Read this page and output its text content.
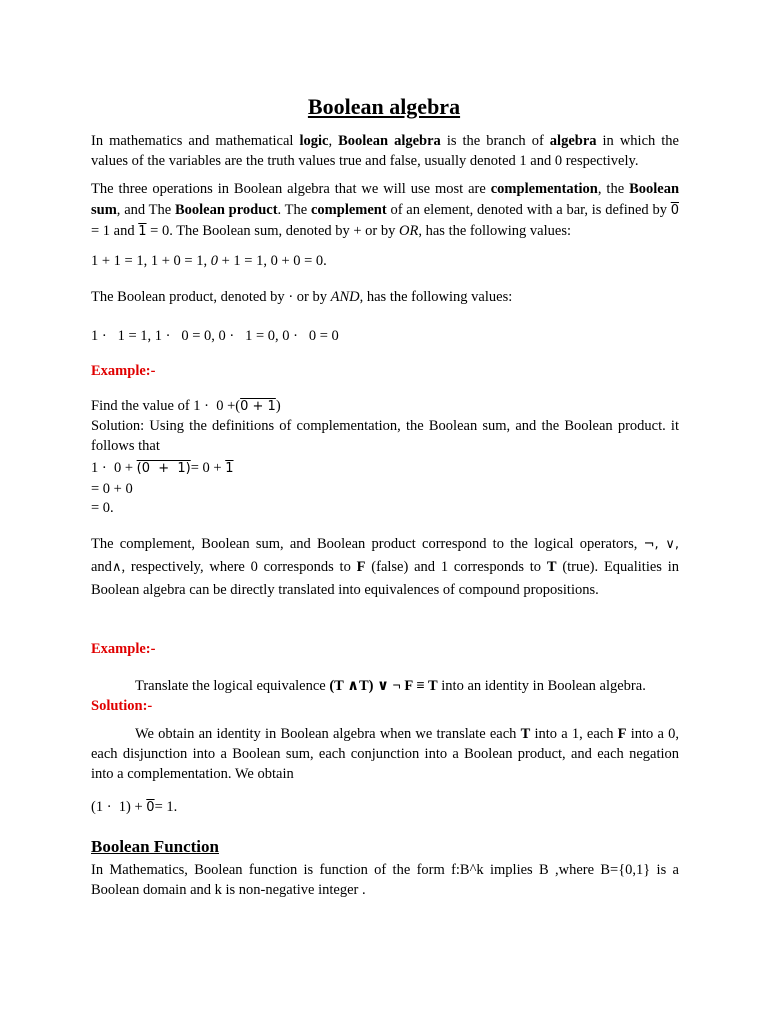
Boolean algebra

In mathematics and mathematical logic, Boolean algebra is the branch of algebra in which the values of the variables are the truth values true and false, usually denoted 1 and 0 respectively.

The three operations in Boolean algebra that we will use most are complementation, the Boolean sum, and The Boolean product. The complement of an element, denoted with a bar, is defined by 0 = 1 and 1 = 0. The Boolean sum, denoted by + or by OR, has the following values:

1 + 1 = 1, 1 + 0 = 1, 0 + 1 = 1, 0 + 0 = 0.

The Boolean product, denoted by · or by AND, has the following values:

1 ·   1 = 1, 1 ·   0 = 0, 0 ·   1 = 0, 0 ·   0 = 0

Example:-

Find the value of 1 ·  0 +(0 + 1)

Solution: Using the definitions of complementation, the Boolean sum, and the Boolean product. it follows that

1 ·  0 + (0  +  1)= 0 + 1

= 0 + 0

= 0.

The complement, Boolean sum, and Boolean product correspond to the logical operators, ¬, ∨, and∧, respectively, where 0 corresponds to F (false) and 1 corresponds to T (true). Equalities in Boolean algebra can be directly translated into equivalences of compound propositions.

Example:-

Translate the logical equivalence (T ∧T) ∨ ¬ F ≡ T into an identity in Boolean algebra.

Solution:-

We obtain an identity in Boolean algebra when we translate each T into a 1, each F into a 0, each disjunction into a Boolean sum, each conjunction into a Boolean product, and each negation into a complementation. We obtain

(1 ·  1) + 0= 1.

Boolean Function

In Mathematics, Boolean function is function of the form f:B^k implies B ,where B={0,1} is a Boolean domain and k is non-negative integer .
